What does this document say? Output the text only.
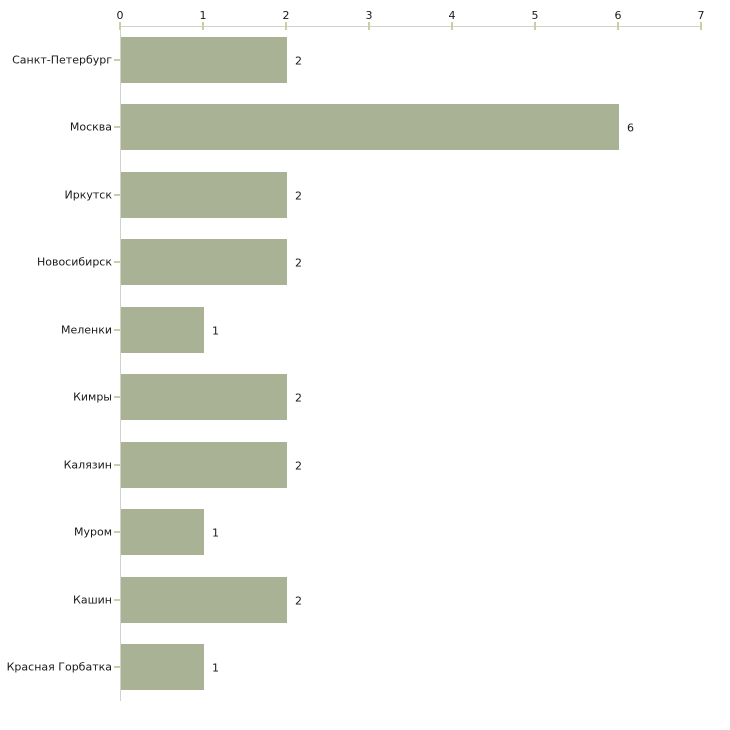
0	1	2	3	4	5	6	7
Санкт-Петербург	2
Москва	6
Иркутск	2
Новосибирск	2
Меленки	1
Кимры	2
Калязин	2
Муром	1
Кашин	2
Красная Горбатка	1
